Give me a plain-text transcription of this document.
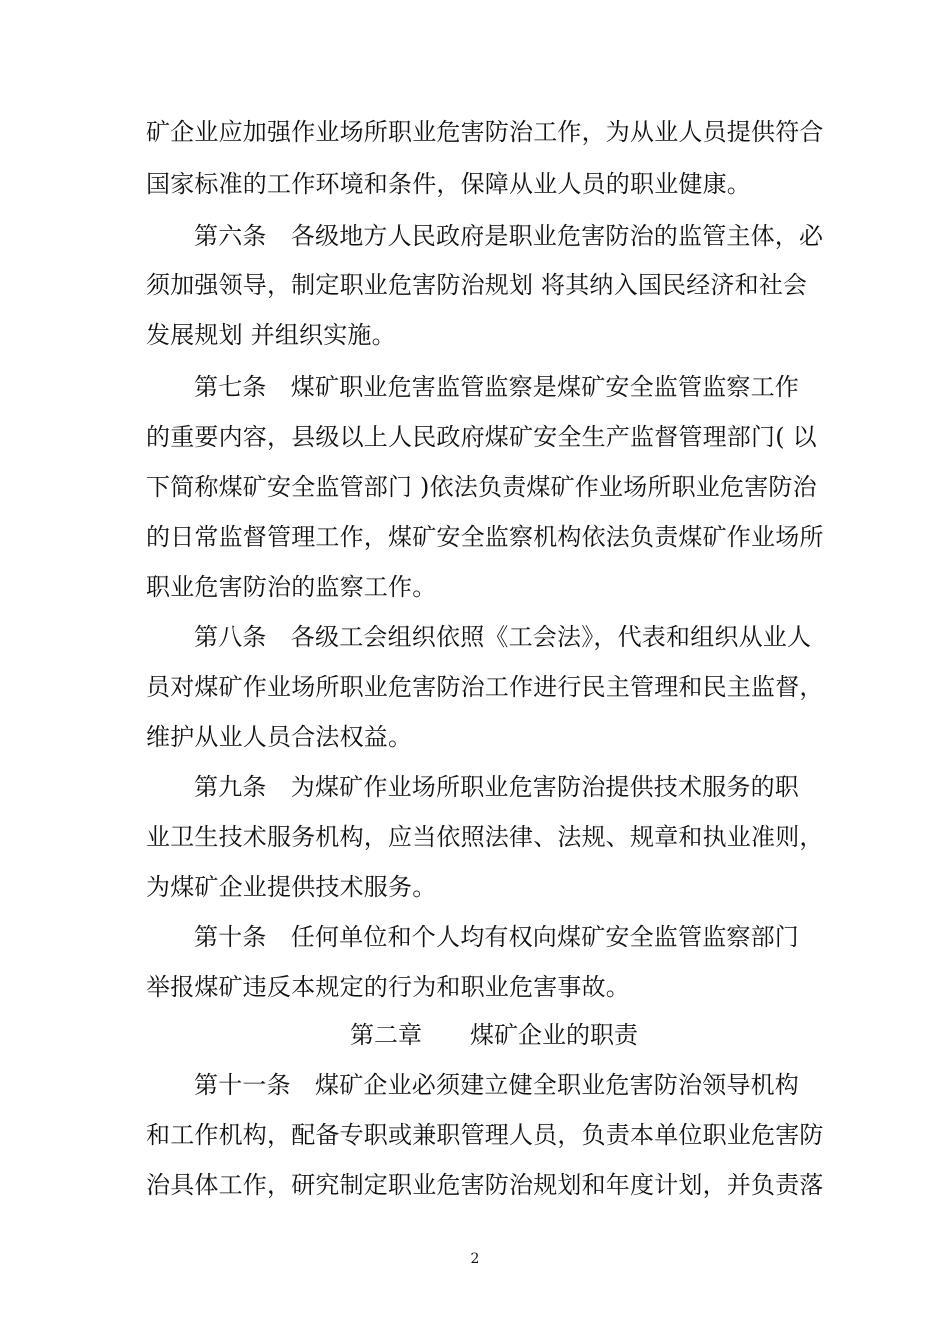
矿企业应加强作业场所职业危害防治工作，为从业人员提供符合
国家标准的工作环境和条件，保障从业人员的职业健康。
第六条　各级地方人民政府是职业危害防治的监管主体，必
须加强领导，制定职业危害防治规划 将其纳入国民经济和社会
发展规划 并组织实施。
第七条　煤矿职业危害监管监察是煤矿安全监管监察工作
的重要内容，县级以上人民政府煤矿安全生产监督管理部门( 以
下简称煤矿安全监管部门 )依法负责煤矿作业场所职业危害防治
的日常监督管理工作，煤矿安全监察机构依法负责煤矿作业场所
职业危害防治的监察工作。
第八条　各级工会组织依照《工会法》，代表和组织从业人
员对煤矿作业场所职业危害防治工作进行民主管理和民主监督，
维护从业人员合法权益。
第九条　为煤矿作业场所职业危害防治提供技术服务的职
业卫生技术服务机构，应当依照法律、法规、规章和执业准则，
为煤矿企业提供技术服务。
第十条　任何单位和个人均有权向煤矿安全监管监察部门
举报煤矿违反本规定的行为和职业危害事故。
第二章　　煤矿企业的职责
第十一条　煤矿企业必须建立健全职业危害防治领导机构
和工作机构，配备专职或兼职管理人员，负责本单位职业危害防
治具体工作，研究制定职业危害防治规划和年度计划，并负责落
2
